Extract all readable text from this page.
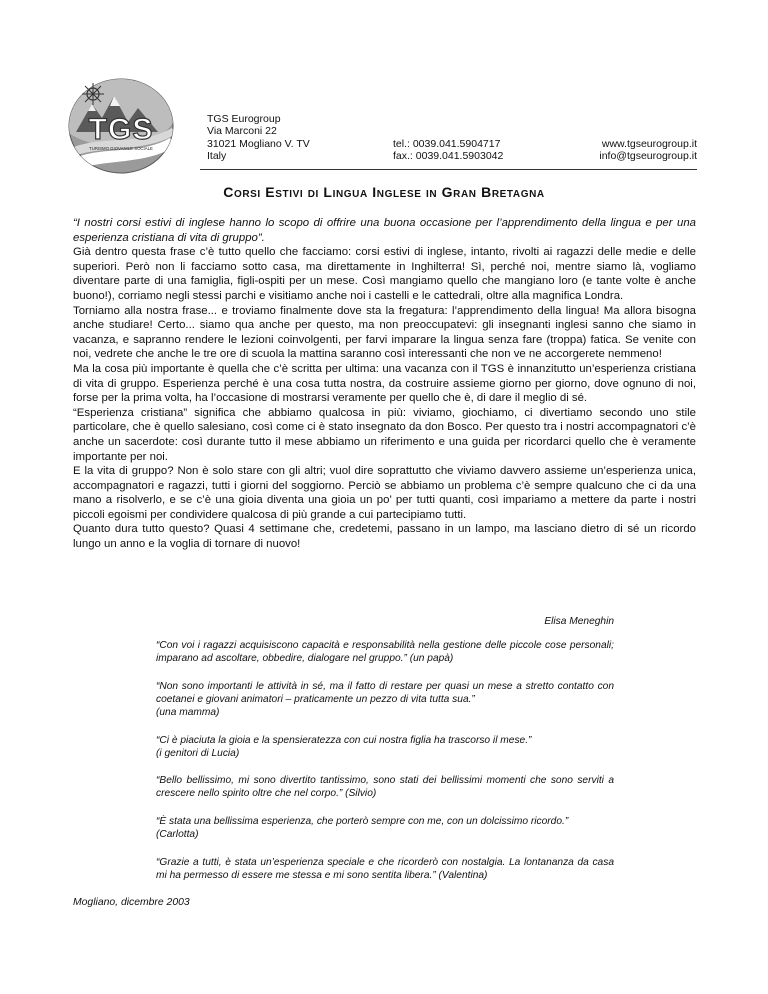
TGS
TURISMO GIOVANILE SOCIALE
TGS Eurogroup
Via Marconi 22
31021 Mogliano V. TV
Italy
tel.: 0039.041.5904717
fax.: 0039.041.5903042
www.tgseurogroup.it
info@tgseurogroup.it
Corsi Estivi di Lingua Inglese in Gran Bretagna

“I nostri corsi estivi di inglese hanno lo scopo di offrire una buona occasione per l’apprendimento della lingua e per una esperienza cristiana di vita di gruppo”.

Già dentro questa frase c’è tutto quello che facciamo: corsi estivi di inglese, intanto, rivolti ai ragazzi delle medie e delle superiori. Però non li facciamo sotto casa, ma direttamente in Inghilterra! Sì, perché noi, mentre siamo là, vogliamo diventare parte di una famiglia, figli-ospiti per un mese. Così mangiamo quello che mangiano loro (e tante volte è anche buono!), corriamo negli stessi parchi e visitiamo anche noi i castelli e le cattedrali, oltre alla magnifica Londra.

Torniamo alla nostra frase... e troviamo finalmente dove sta la fregatura: l’apprendimento della lingua! Ma allora bisogna anche studiare! Certo... siamo qua anche per questo, ma non preoccupatevi: gli insegnanti inglesi sanno che siamo in vacanza, e sapranno rendere le lezioni coinvolgenti, per farvi imparare la lingua senza fare (troppa) fatica. Se venite con noi, vedrete che anche le tre ore di scuola la mattina saranno così interessanti che non ve ne accorgerete nemmeno!

Ma la cosa più importante è quella che c’è scritta per ultima: una vacanza con il TGS è innanzitutto un’esperienza cristiana di vita di gruppo. Esperienza perché è una cosa tutta nostra, da costruire assieme giorno per giorno, dove ognuno di noi, forse per la prima volta, ha l’occasione di mostrarsi veramente per quello che è, di dare il meglio di sé.

“Esperienza cristiana” significa che abbiamo qualcosa in più: viviamo, giochiamo, ci divertiamo secondo uno stile particolare, che è quello salesiano, così come ci è stato insegnato da don Bosco. Per questo tra i nostri accompagnatori c’è anche un sacerdote: così durante tutto il mese abbiamo un riferimento e una guida per ricordarci quello che è veramente importante per noi.

E la vita di gruppo? Non è solo stare con gli altri; vuol dire soprattutto che viviamo davvero assieme un’esperienza unica, accompagnatori e ragazzi, tutti i giorni del soggiorno. Perciò se abbiamo un problema c’è sempre qualcuno che ci da una mano a risolverlo, e se c’è una gioia diventa una gioia un po’ per tutti quanti, così impariamo a mettere da parte i nostri piccoli egoismi per condividere qualcosa di più grande a cui partecipiamo tutti.

Quanto dura tutto questo? Quasi 4 settimane che, credetemi, passano in un lampo, ma lasciano dietro di sé un ricordo lungo un anno e la voglia di tornare di nuovo!

Elisa Meneghin

“Con voi i ragazzi acquisiscono capacità e responsabilità nella gestione delle piccole cose personali; imparano ad ascoltare, obbedire, dialogare nel gruppo.” (un papà)

“Non sono importanti le attività in sé, ma il fatto di restare per quasi un mese a stretto contatto con coetanei e giovani animatori – praticamente un pezzo di vita tutta sua.”
(una mamma)

“Ci è piaciuta la gioia e la spensieratezza con cui nostra figlia ha trascorso il mese.”
(i genitori di Lucia)

“Bello bellissimo, mi sono divertito tantissimo, sono stati dei bellissimi momenti che sono serviti a crescere nello spirito oltre che nel corpo.” (Silvio)

“È stata una bellissima esperienza, che porterò sempre con me, con un dolcissimo ricordo.”
(Carlotta)

“Grazie a tutti, è stata un’esperienza speciale e che ricorderò con nostalgia. La lontananza da casa mi ha permesso di essere me stessa e mi sono sentita libera.” (Valentina)

Mogliano, dicembre 2003
